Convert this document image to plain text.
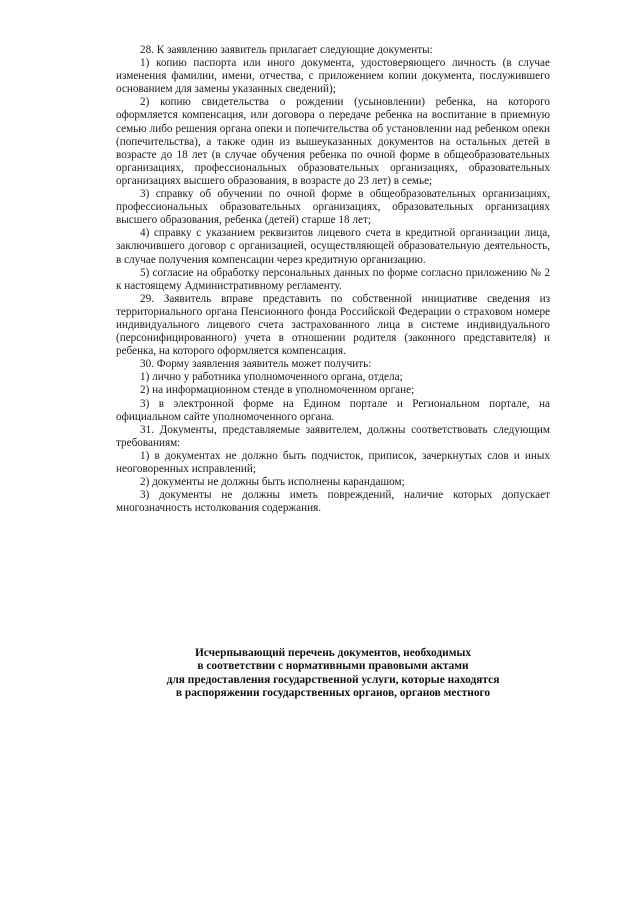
28. К заявлению заявитель прилагает следующие документы:

1) копию паспорта или иного документа, удостоверяющего личность (в случае изменения фамилии, имени, отчества, с приложением копии документа, послужившего основанием для замены указанных сведений);

2) копию свидетельства о рождении (усыновлении) ребенка, на которого оформляется компенсация, или договора о передаче ребенка на воспитание в приемную семью либо решения органа опеки и попечительства об установлении над ребенком опеки (попечительства), а также один из вышеуказанных документов на остальных детей в возрасте до 18 лет (в случае обучения ребенка по очной форме в общеобразовательных организациях, профессиональных образовательных организациях, образовательных организациях высшего образования, в возрасте до 23 лет) в семье;

3) справку об обучении по очной форме в общеобразовательных организациях, профессиональных образовательных организациях, образовательных организациях высшего образования, ребенка (детей) старше 18 лет;

4) справку с указанием реквизитов лицевого счета в кредитной организации лица, заключившего договор с организацией, осуществляющей образовательную деятельность, в случае получения компенсации через кредитную организацию.

5) согласие на обработку персональных данных по форме согласно приложению № 2 к настоящему Административному регламенту.

29. Заявитель вправе представить по собственной инициативе сведения из территориального органа Пенсионного фонда Российской Федерации о страховом номере индивидуального лицевого счета застрахованного лица в системе индивидуального (персонифицированного) учета в отношении родителя (законного представителя) и ребенка, на которого оформляется компенсация.

30. Форму заявления заявитель может получить:

1) лично у работника уполномоченного органа, отдела;

2) на информационном стенде в уполномоченном органе;

3) в электронной форме на Едином портале и Региональном портале, на официальном сайте уполномоченного органа.

31. Документы, представляемые заявителем, должны соответствовать следующим требованиям:

1) в документах не должно быть подчисток, приписок, зачеркнутых слов и иных неоговоренных исправлений;

2) документы не должны быть исполнены карандашом;

3) документы не должны иметь повреждений, наличие которых допускает многозначность истолкования содержания.

Исчерпывающий перечень документов, необходимых
в соответствии с нормативными правовыми актами
для предоставления государственной услуги, которые находятся
в распоряжении государственных органов, органов местного
